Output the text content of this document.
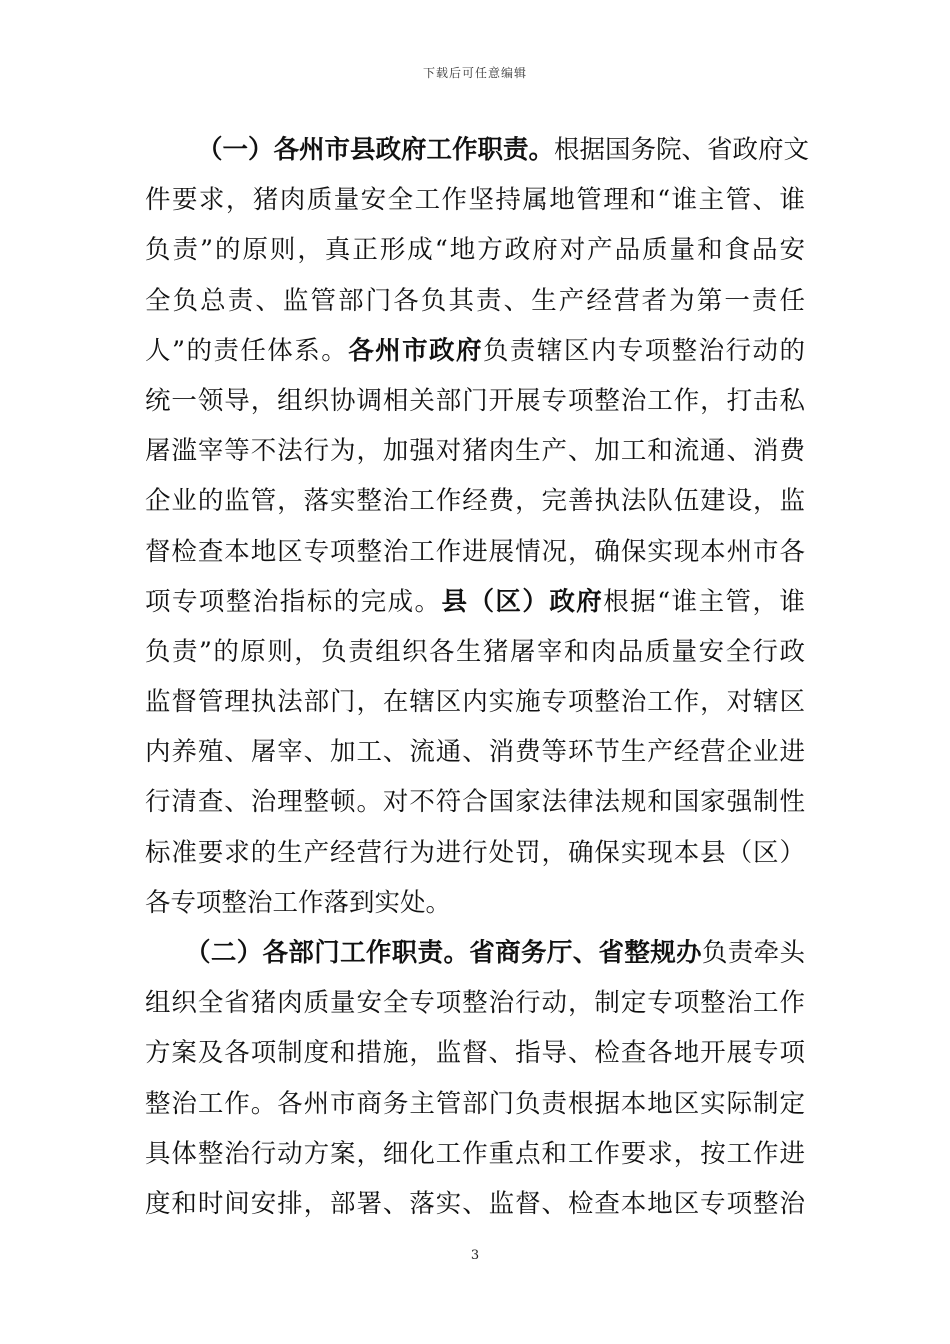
下载后可任意编辑
（一）各州市县政府工作职责。根据国务院、省政府文
件要求，猪肉质量安全工作坚持属地管理和“谁主管、谁
负责”的原则，真正形成“地方政府对产品质量和食品安
全负总责、监管部门各负其责、生产经营者为第一责任
人”的责任体系。各州市政府负责辖区内专项整治行动的
统一领导，组织协调相关部门开展专项整治工作，打击私
屠滥宰等不法行为，加强对猪肉生产、加工和流通、消费
企业的监管，落实整治工作经费，完善执法队伍建设，监
督检查本地区专项整治工作进展情况，确保实现本州市各
项专项整治指标的完成。县（区）政府根据“谁主管，谁
负责”的原则，负责组织各生猪屠宰和肉品质量安全行政
监督管理执法部门，在辖区内实施专项整治工作，对辖区
内养殖、屠宰、加工、流通、消费等环节生产经营企业进
行清查、治理整顿。对不符合国家法律法规和国家强制性
标准要求的生产经营行为进行处罚，确保实现本县（区）
各专项整治工作落到实处。
（二）各部门工作职责。省商务厅、省整规办负责牵头
组织全省猪肉质量安全专项整治行动，制定专项整治工作
方案及各项制度和措施，监督、指导、检查各地开展专项
整治工作。各州市商务主管部门负责根据本地区实际制定
具体整治行动方案，细化工作重点和工作要求，按工作进
度和时间安排，部署、落实、监督、检查本地区专项整治
3
